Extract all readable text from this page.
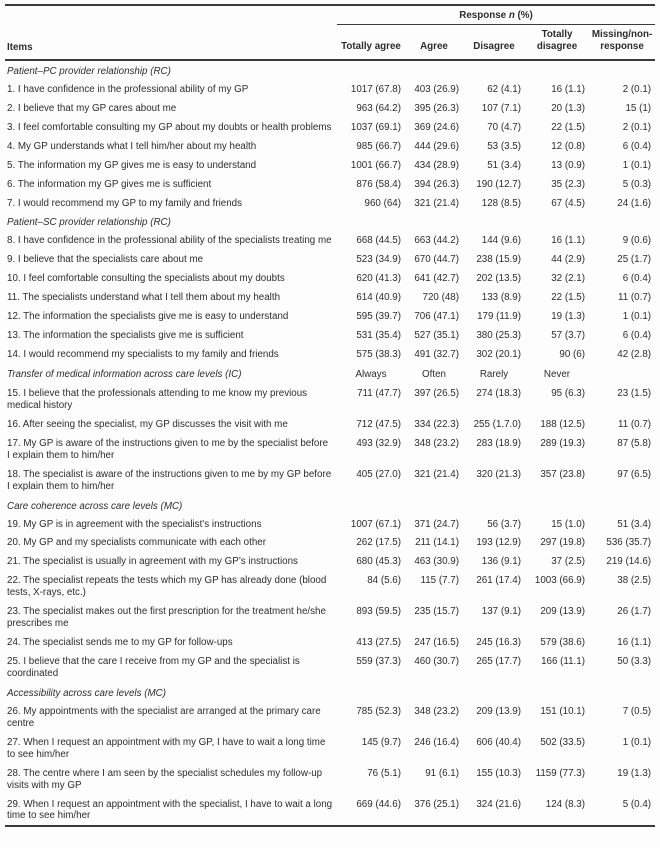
	Response n (%)				
Items	Totally agree	Agree	Disagree	Totally disagree	Missing/non-response
Patient–PC provider relationship (RC)					
1. I have confidence in the professional ability of my GP	1017 (67.8)	403 (26.9)	62 (4.1)	16 (1.1)	2 (0.1)
2. I believe that my GP cares about me	963 (64.2)	395 (26.3)	107 (7.1)	20 (1.3)	15 (1)
3. I feel comfortable consulting my GP about my doubts or health problems	1037 (69.1)	369 (24.6)	70 (4.7)	22 (1.5)	2 (0.1)
4. My GP understands what I tell him/her about my health	985 (66.7)	444 (29.6)	53 (3.5)	12 (0.8)	6 (0.4)
5. The information my GP gives me is easy to understand	1001 (66.7)	434 (28.9)	51 (3.4)	13 (0.9)	1 (0.1)
6. The information my GP gives me is sufficient	876 (58.4)	394 (26.3)	190 (12.7)	35 (2.3)	5 (0.3)
7. I would recommend my GP to my family and friends	960 (64)	321 (21.4)	128 (8.5)	67 (4.5)	24 (1.6)
Patient–SC provider relationship (RC)					
8. I have confidence in the professional ability of the specialists treating me	668 (44.5)	663 (44.2)	144 (9.6)	16 (1.1)	9 (0.6)
9. I believe that the specialists care about me	523 (34.9)	670 (44.7)	238 (15.9)	44 (2.9)	25 (1.7)
10. I feel comfortable consulting the specialists about my doubts	620 (41.3)	641 (42.7)	202 (13.5)	32 (2.1)	6 (0.4)
11. The specialists understand what I tell them about my health	614 (40.9)	720 (48)	133 (8.9)	22 (1.5)	11 (0.7)
12. The information the specialists give me is easy to understand	595 (39.7)	706 (47.1)	179 (11.9)	19 (1.3)	1 (0.1)
13. The information the specialists give me is sufficient	531 (35.4)	527 (35.1)	380 (25.3)	57 (3.7)	6 (0.4)
14. I would recommend my specialists to my family and friends	575 (38.3)	491 (32.7)	302 (20.1)	90 (6)	42 (2.8)
Transfer of medical information across care levels (IC)	Always	Often	Rarely	Never	
15. I believe that the professionals attending to me know my previous medical history	711 (47.7)	397 (26.5)	274 (18.3)	95 (6.3)	23 (1.5)
16. After seeing the specialist, my GP discusses the visit with me	712 (47.5)	334 (22.3)	255 (1.7.0)	188 (12.5)	11 (0.7)
17. My GP is aware of the instructions given to me by the specialist before I explain them to him/her	493 (32.9)	348 (23.2)	283 (18.9)	289 (19.3)	87 (5.8)
18. The specialist is aware of the instructions given to me by my GP before I explain them to him/her	405 (27.0)	321 (21.4)	320 (21.3)	357 (23.8)	97 (6.5)
Care coherence across care levels (MC)					
19. My GP is in agreement with the specialist’s instructions	1007 (67.1)	371 (24.7)	56 (3.7)	15 (1.0)	51 (3.4)
20. My GP and my specialists communicate with each other	262 (17.5)	211 (14.1)	193 (12.9)	297 (19.8)	536 (35.7)
21. The specialist is usually in agreement with my GP’s instructions	680 (45.3)	463 (30.9)	136 (9.1)	37 (2.5)	219 (14.6)
22. The specialist repeats the tests which my GP has already done (blood tests, X-rays, etc.)	84 (5.6)	115 (7.7)	261 (17.4)	1003 (66.9)	38 (2.5)
23. The specialist makes out the first prescription for the treatment he/she prescribes me	893 (59.5)	235 (15.7)	137 (9.1)	209 (13.9)	26 (1.7)
24. The specialist sends me to my GP for follow-ups	413 (27.5)	247 (16.5)	245 (16.3)	579 (38.6)	16 (1.1)
25. I believe that the care I receive from my GP and the specialist is coordinated	559 (37.3)	460 (30.7)	265 (17.7)	166 (11.1)	50 (3.3)
Accessibility across care levels (MC)					
26. My appointments with the specialist are arranged at the primary care centre	785 (52.3)	348 (23.2)	209 (13.9)	151 (10.1)	7 (0.5)
27. When I request an appointment with my GP, I have to wait a long time to see him/her	145 (9.7)	246 (16.4)	606 (40.4)	502 (33.5)	1 (0.1)
28. The centre where I am seen by the specialist schedules my follow-up visits with my GP	76 (5.1)	91 (6.1)	155 (10.3)	1159 (77.3)	19 (1.3)
29. When I request an appointment with the specialist, I have to wait a long time to see him/her	669 (44.6)	376 (25.1)	324 (21.6)	124 (8.3)	5 (0.4)
